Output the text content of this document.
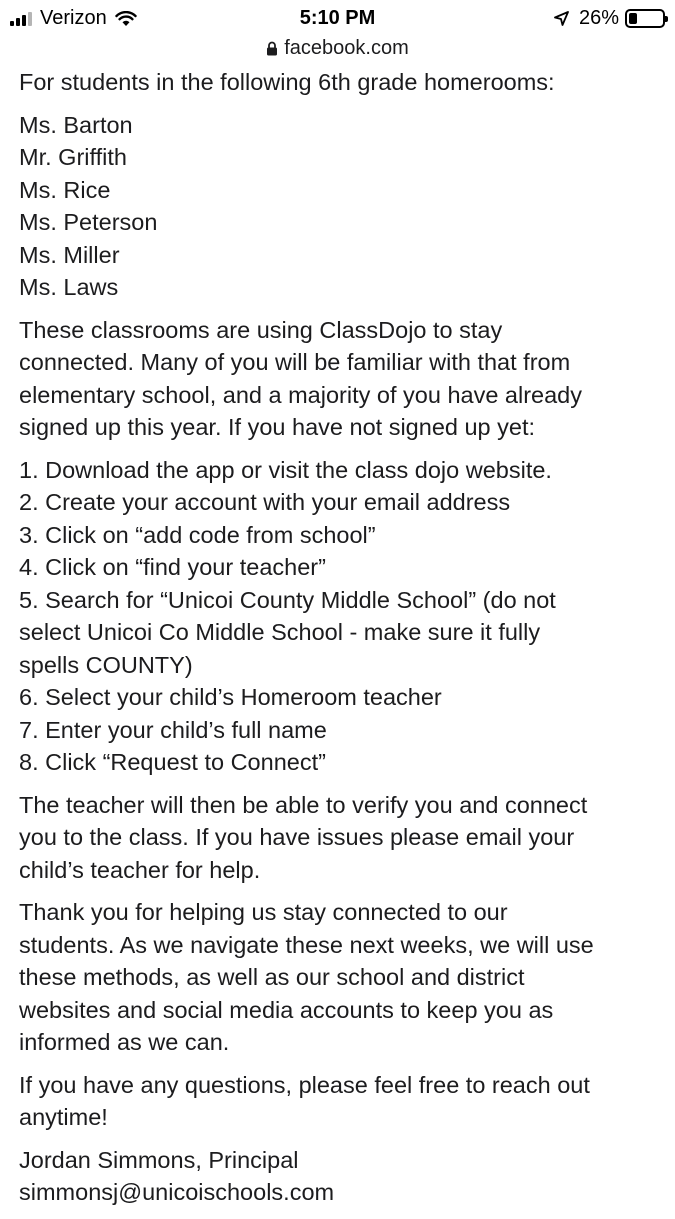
Verizon	5:10 PM	26%
facebook.com

For students in the following 6th grade homerooms:

Ms. Barton
Mr. Griffith
Ms. Rice
Ms. Peterson
Ms. Miller
Ms. Laws

These classrooms are using ClassDojo to stay
connected. Many of you will be familiar with that from
elementary school, and a majority of you have already
signed up this year. If you have not signed up yet:

1. Download the app or visit the class dojo website.
2. Create your account with your email address
3. Click on “add code from school”
4. Click on “find your teacher”
5. Search for “Unicoi County Middle School” (do not
select Unicoi Co Middle School - make sure it fully
spells COUNTY)
6. Select your child’s Homeroom teacher
7. Enter your child’s full name
8. Click “Request to Connect”

The teacher will then be able to verify you and connect
you to the class. If you have issues please email your
child’s teacher for help.

Thank you for helping us stay connected to our
students. As we navigate these next weeks, we will use
these methods, as well as our school and district
websites and social media accounts to keep you as
informed as we can.

If you have any questions, please feel free to reach out
anytime!

Jordan Simmons, Principal
simmonsj@unicoischools.com
